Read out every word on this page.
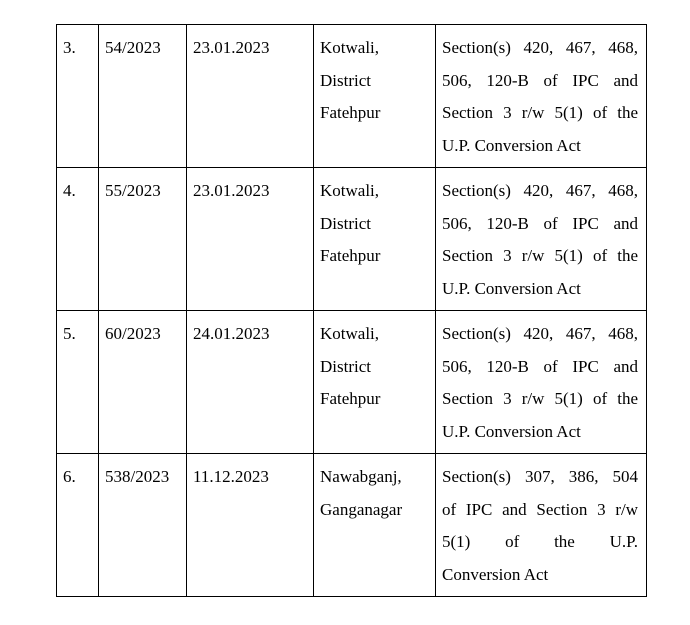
3.	54/2023	23.01.2023	Kotwali,
District
Fatehpur	Section(s) 420, 467, 468,
506, 120-B of IPC and
Section 3 r/w 5(1) of the
U.P. Conversion Act

4.	55/2023	23.01.2023	Kotwali,
District
Fatehpur	Section(s) 420, 467, 468,
506, 120-B of IPC and
Section 3 r/w 5(1) of the
U.P. Conversion Act

5.	60/2023	24.01.2023	Kotwali,
District
Fatehpur	Section(s) 420, 467, 468,
506, 120-B of IPC and
Section 3 r/w 5(1) of the
U.P. Conversion Act

6.	538/2023	11.12.2023	Nawabganj,
Ganganagar	Section(s) 307, 386, 504
of IPC and Section 3 r/w
5(1) of the U.P.
Conversion Act
